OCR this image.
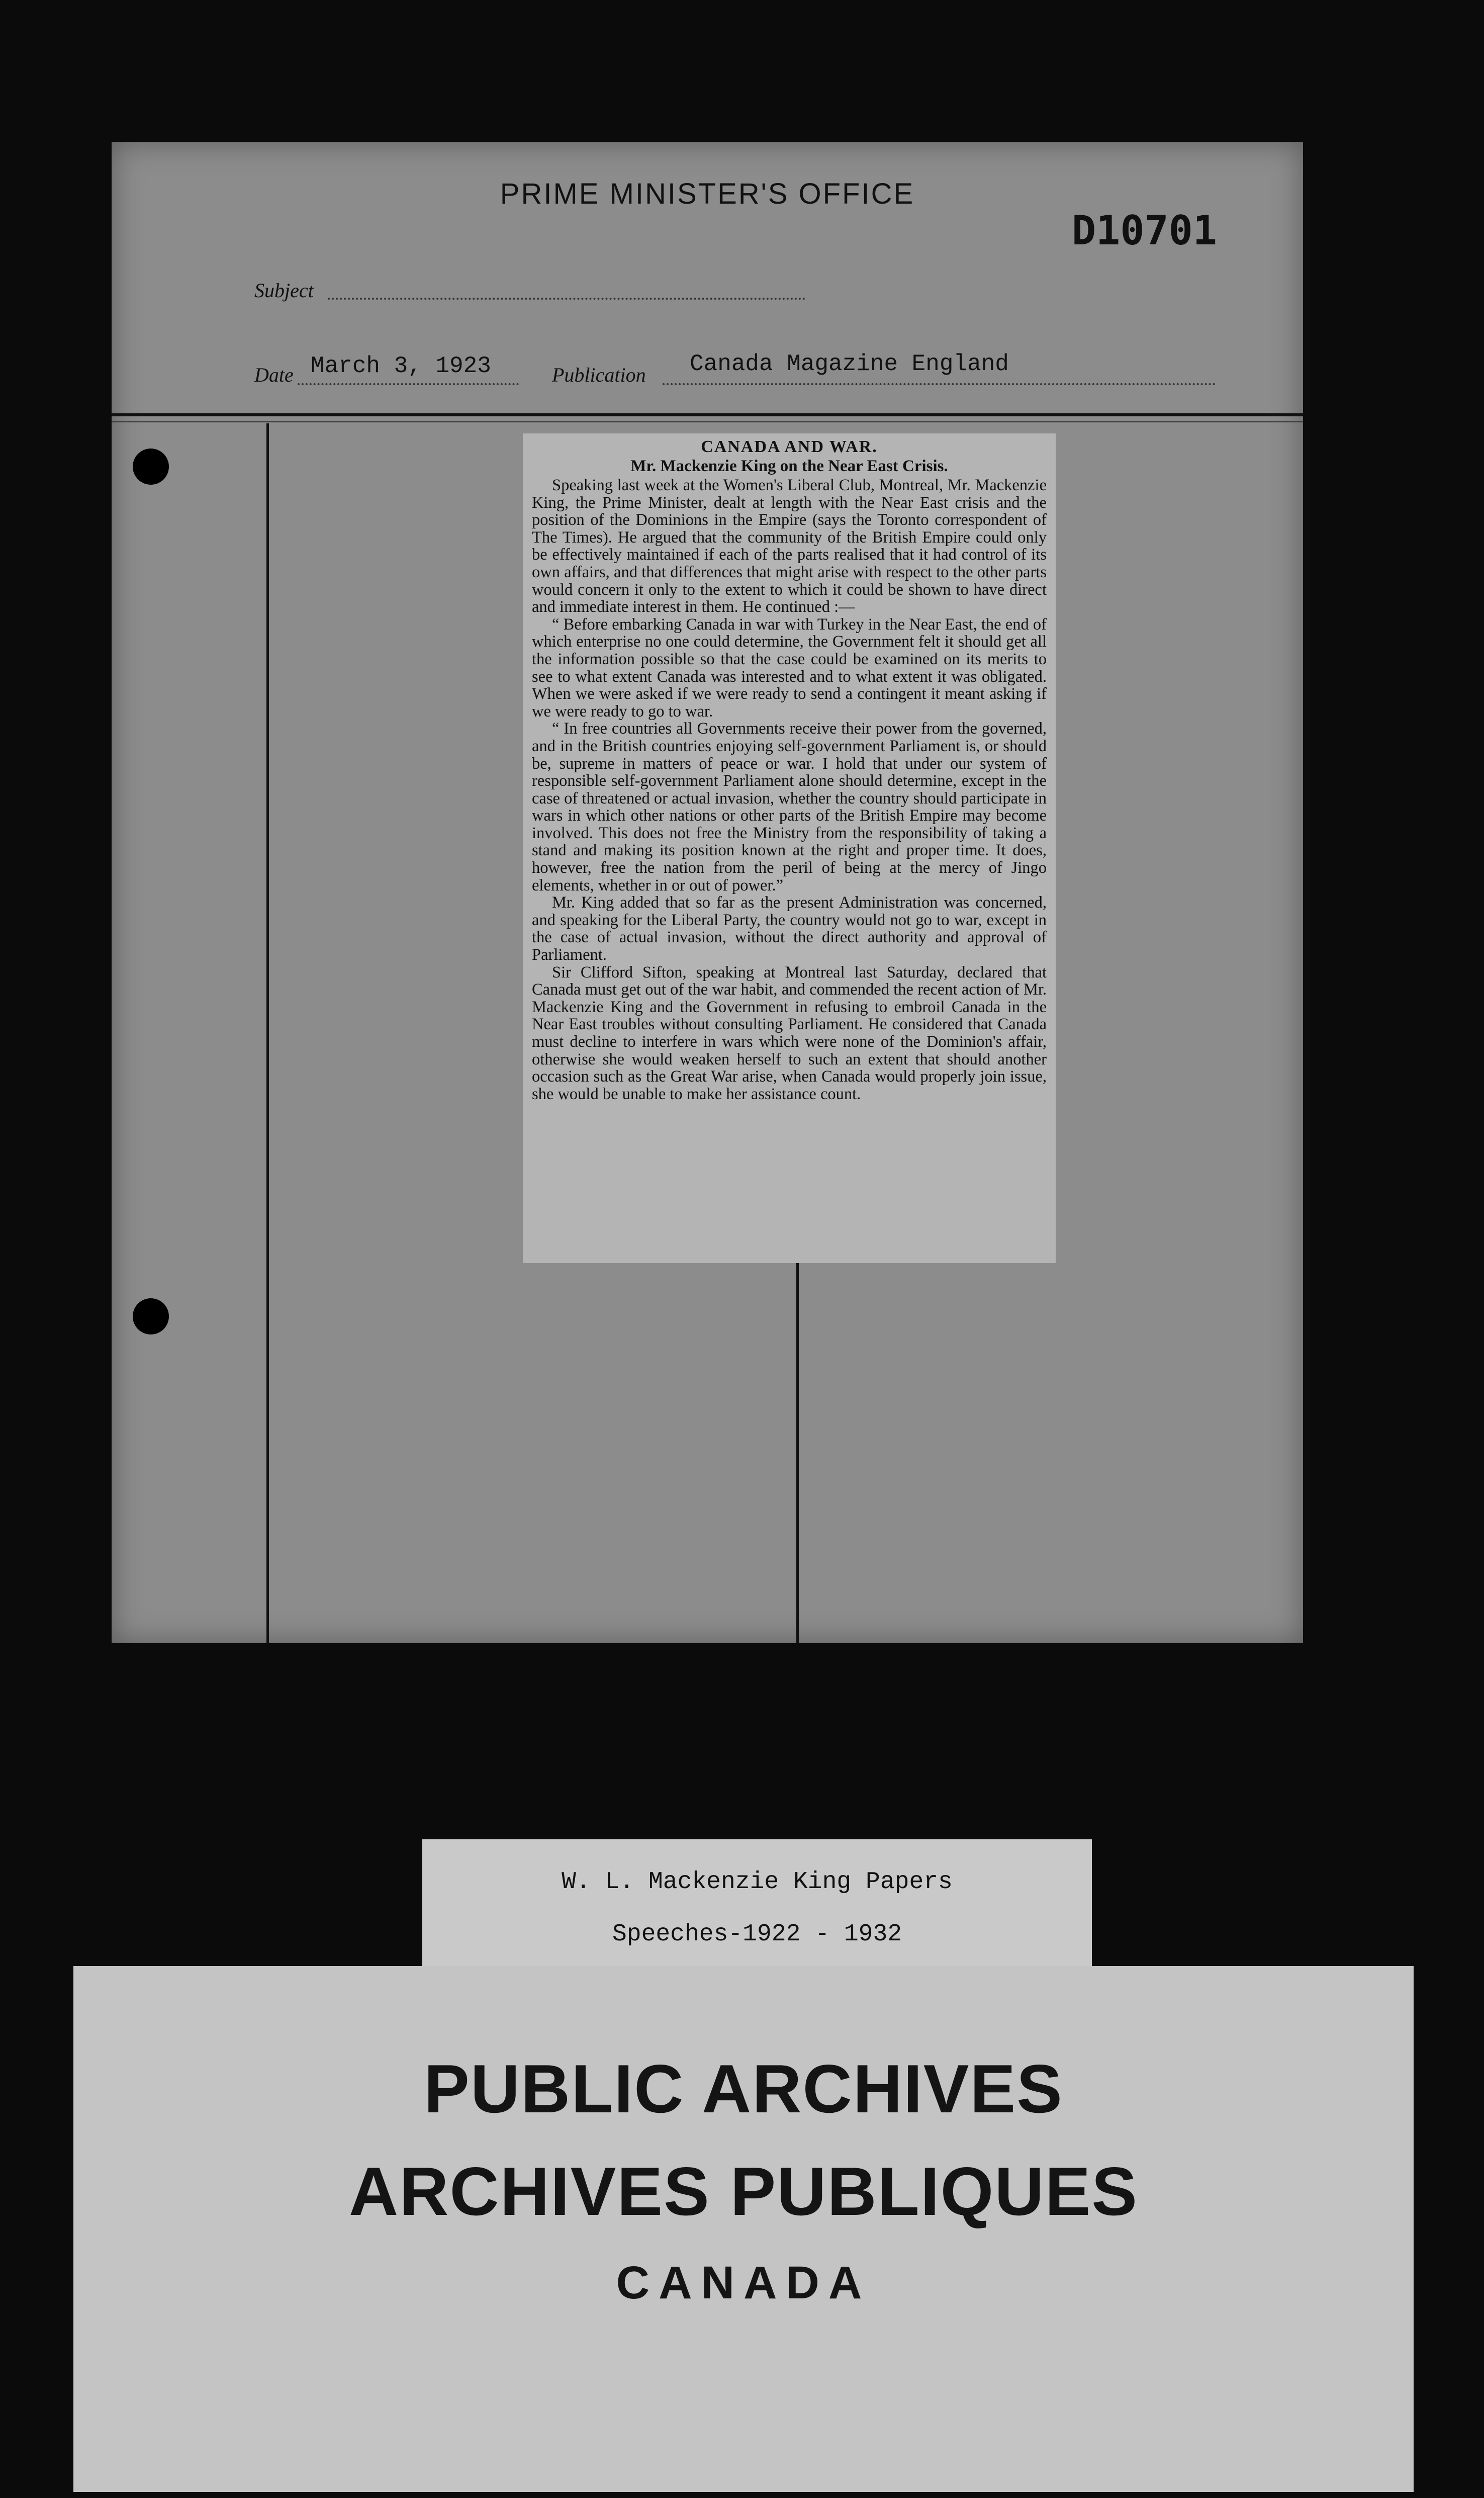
PRIME MINISTER'S OFFICE
D10701
Subject
Date March 3, 1923	Publication Canada Magazine England
CANADA AND WAR.
Mr. Mackenzie King on the Near East Crisis.

Speaking last week at the Women's Liberal Club, Montreal, Mr. Mackenzie King, the Prime Minister, dealt at length with the Near East crisis and the position of the Dominions in the Empire (says the Toronto correspondent of The Times). He argued that the community of the British Empire could only be effectively maintained if each of the parts realised that it had control of its own affairs, and that differences that might arise with respect to the other parts would concern it only to the extent to which it could be shown to have direct and immediate interest in them. He continued :—

“ Before embarking Canada in war with Turkey in the Near East, the end of which enterprise no one could determine, the Government felt it should get all the information possible so that the case could be examined on its merits to see to what extent Canada was interested and to what extent it was obligated. When we were asked if we were ready to send a contingent it meant asking if we were ready to go to war.

“ In free countries all Governments receive their power from the governed, and in the British countries enjoying self-government Parliament is, or should be, supreme in matters of peace or war. I hold that under our system of responsible self-government Parliament alone should determine, except in the case of threatened or actual invasion, whether the country should participate in wars in which other nations or other parts of the British Empire may become involved. This does not free the Ministry from the responsibility of taking a stand and making its position known at the right and proper time. It does, however, free the nation from the peril of being at the mercy of Jingo elements, whether in or out of power.”

Mr. King added that so far as the present Administration was concerned, and speaking for the Liberal Party, the country would not go to war, except in the case of actual invasion, without the direct authority and approval of Parliament.

Sir Clifford Sifton, speaking at Montreal last Saturday, declared that Canada must get out of the war habit, and commended the recent action of Mr. Mackenzie King and the Government in refusing to embroil Canada in the Near East troubles without consulting Parliament. He considered that Canada must decline to interfere in wars which were none of the Dominion's affair, otherwise she would weaken herself to such an extent that should another occasion such as the Great War arise, when Canada would properly join issue, she would be unable to make her assistance count.

W. L. Mackenzie King Papers
Speeches-1922 - 1932
PUBLIC ARCHIVES
ARCHIVES PUBLIQUES
CANADA
